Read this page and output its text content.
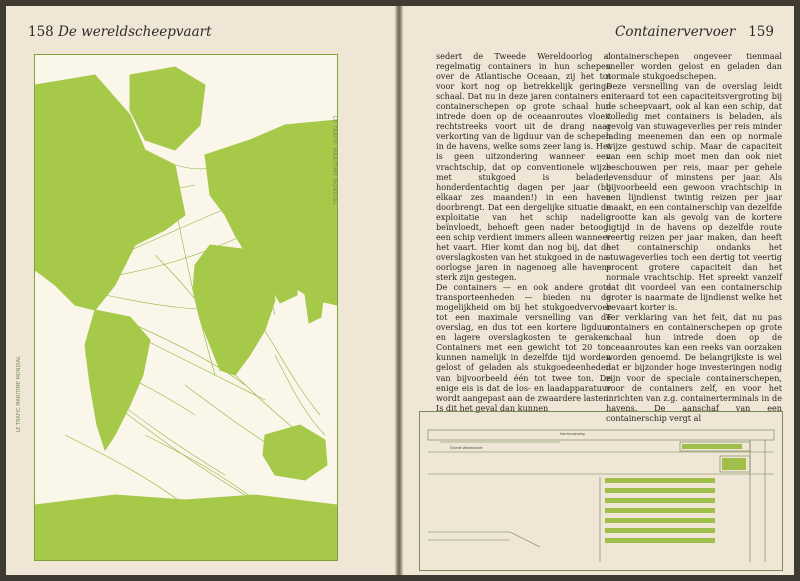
158 De wereldscheepvaart
LE TRAFIC MARITIME MONDIAL
LE TRAFIC MARITIME MONDIAL
Containervervoer 159

sedert de Tweede Wereldoorlog al regelmatig containers in hun schepen over de Atlantische Oceaan, zij het tot voor kort nog op betrekkelijk geringe schaal. Dat nu in deze jaren containers en containerschepen op grote schaal hun intrede doen op de oceaanroutes vloeit rechtstreeks voort uit de drang naar verkorting van de ligduur van de schepen in de havens, welke soms zeer lang is. Het is geen uitzondering wanneer een vrachtschip, dat op conventionele wijze met stukgoed is beladen, honderdentachtig dagen per jaar (bij elkaar zes maanden!) in een haven doorbrengt. Dat een dergelijke situatie de exploitatie van het schip nadelig beïnvloedt, behoeft geen nader betoog: een schip verdient immers alleen wanneer het vaart. Hier komt dan nog bij, dat de overslagkosten van het stukgoed in de na-oorlogse jaren in nagenoeg alle havens sterk zijn gestegen.

De containers — en ook andere grote transporteenheden — bieden nu de mogelijkheid om bij het stukgoedvervoer tot een maximale versnelling van de overslag, en dus tot een kortere ligduur en lagere overslagkosten te geraken. Containers met een gewicht tot 20 ton kunnen namelijk in dezelfde tijd worden gelost of geladen als stukgoedeenheden van bijvoorbeeld één tot twee ton. De enige eis is dat de los- en laadapparatuur wordt aangepast aan de zwaardere lasten. Is dit het geval dan kunnen

containerschepen ongeveer tienmaal sneller worden gelost en geladen dan normale stukgoedschepen.

Deze versnelling van de overslag leidt uiteraard tot een capaciteitsvergroting bij de scheepvaart, ook al kan een schip, dat volledig met containers is beladen, als gevolg van stuwageverlies per reis minder lading meenemen dan een op normale wijze gestuwd schip. Maar de capaciteit van een schip moet men dan ook niet beschouwen per reis, maar per gehele levensduur of minstens per jaar. Als bijvoorbeeld een gewoon vrachtschip in een lijndienst twintig reizen per jaar maakt, en een containerschip van dezelfde grootte kan als gevolg van de kortere ligtijd in de havens op dezelfde route veertig reizen per jaar maken, dan heeft het containerschip ondanks het stuwageverlies toch een dertig tot veertig procent grotere capaciteit dan het normale vrachtschip. Het spreekt vanzelf dat dit voordeel van een containerschip groter is naarmate de lijndienst welke het bevaart korter is.

Ter verklaring van het feit, dat nu pas containers en containerschepen op grote schaal hun intrede doen op de oceaanroutes kan een reeks van oorzaken worden genoemd. De belangrijkste is wel dat er bijzonder hoge investeringen nodig zijn voor de speciale containerschepen, voor de containers zelf, en voor het inrichten van z.g. containerterminals in de havens. De aanschaf van een containerschip vergt al

Hamburgerweg
Eilande Weizelstraat
